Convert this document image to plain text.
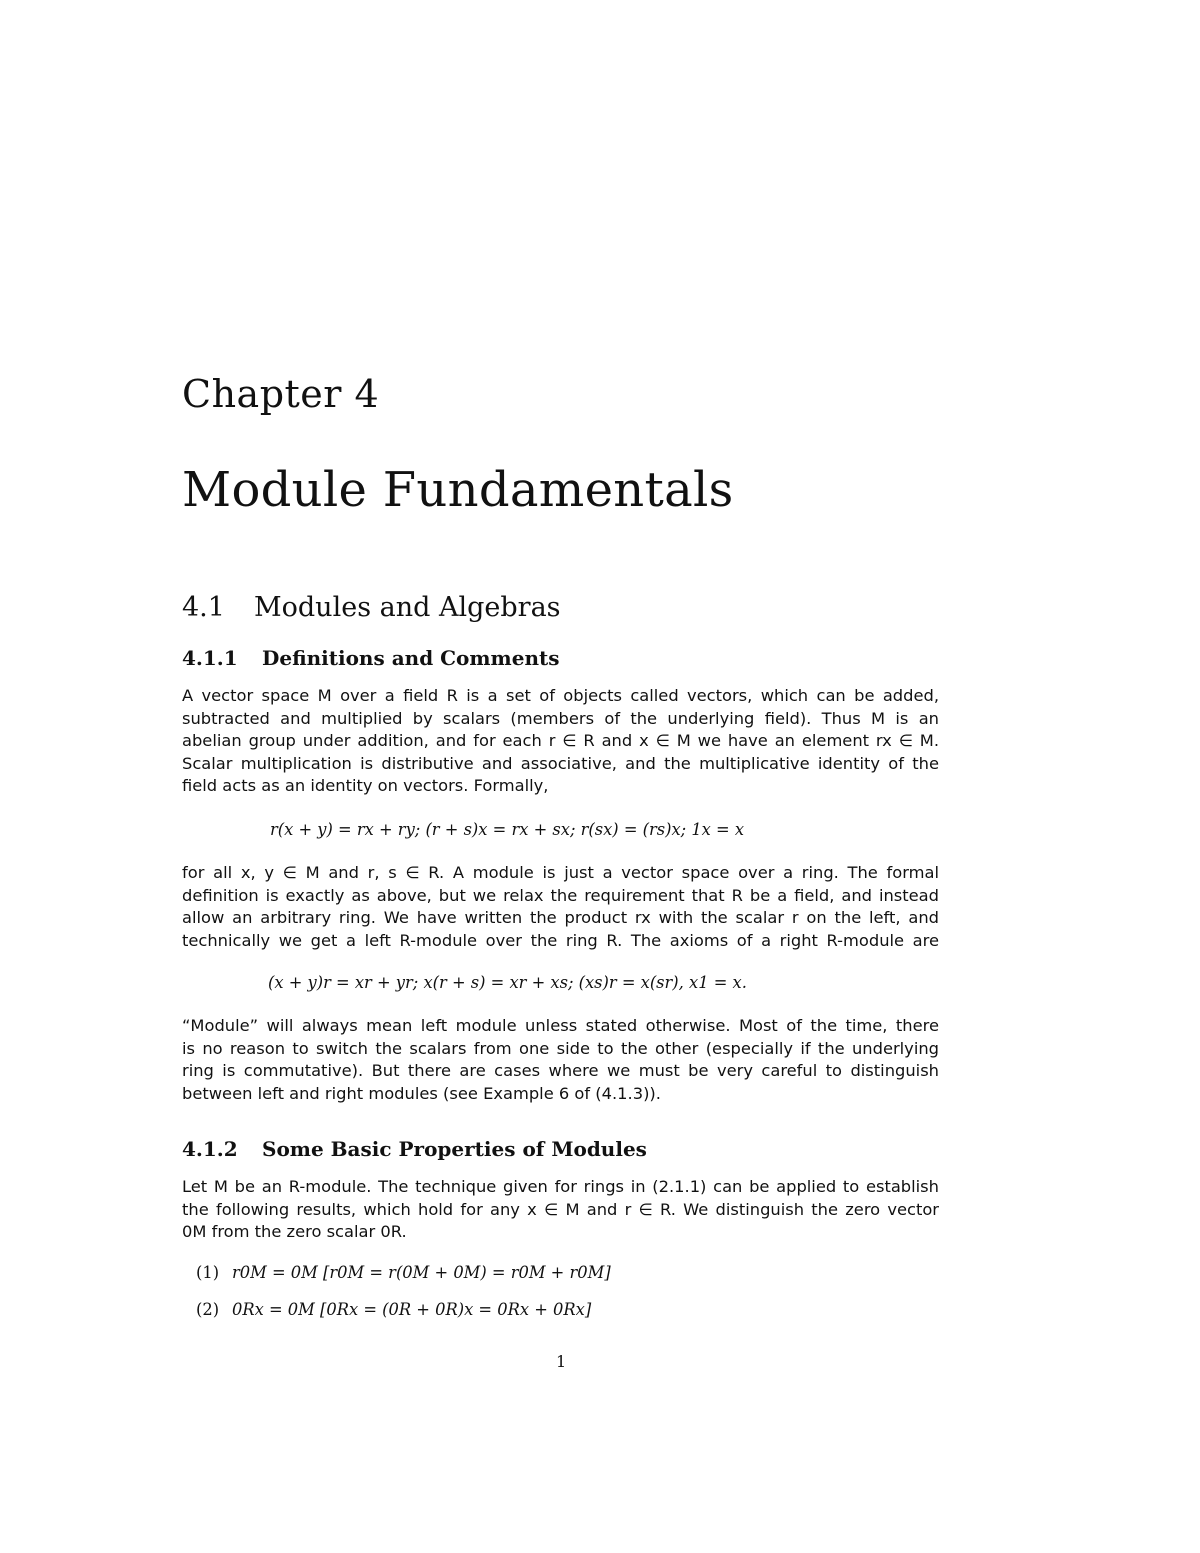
Chapter 4
Module Fundamentals
4.1 Modules and Algebras
4.1.1 Definitions and Comments
A vector space M over a field R is a set of objects called vectors, which can be added,
subtracted and multiplied by scalars (members of the underlying field). Thus M is an
abelian group under addition, and for each r ∈ R and x ∈ M we have an element rx ∈ M.
Scalar multiplication is distributive and associative, and the multiplicative identity of the
field acts as an identity on vectors. Formally,
r(x + y) = rx + ry; (r + s)x = rx + sx; r(sx) = (rs)x; 1x = x
for all x, y ∈ M and r, s ∈ R. A module is just a vector space over a ring. The formal
definition is exactly as above, but we relax the requirement that R be a field, and instead
allow an arbitrary ring. We have written the product rx with the scalar r on the left, and
technically we get a left R-module over the ring R. The axioms of a right R-module are
(x + y)r = xr + yr; x(r + s) = xr + xs; (xs)r = x(sr), x1 = x.
“Module” will always mean left module unless stated otherwise. Most of the time, there
is no reason to switch the scalars from one side to the other (especially if the underlying
ring is commutative). But there are cases where we must be very careful to distinguish
between left and right modules (see Example 6 of (4.1.3)).
4.1.2 Some Basic Properties of Modules
Let M be an R-module. The technique given for rings in (2.1.1) can be applied to establish
the following results, which hold for any x ∈ M and r ∈ R. We distinguish the zero vector
0M from the zero scalar 0R.
(1) r0M = 0M [r0M = r(0M + 0M) = r0M + r0M]
(2) 0Rx = 0M [0Rx = (0R + 0R)x = 0Rx + 0Rx]
1
